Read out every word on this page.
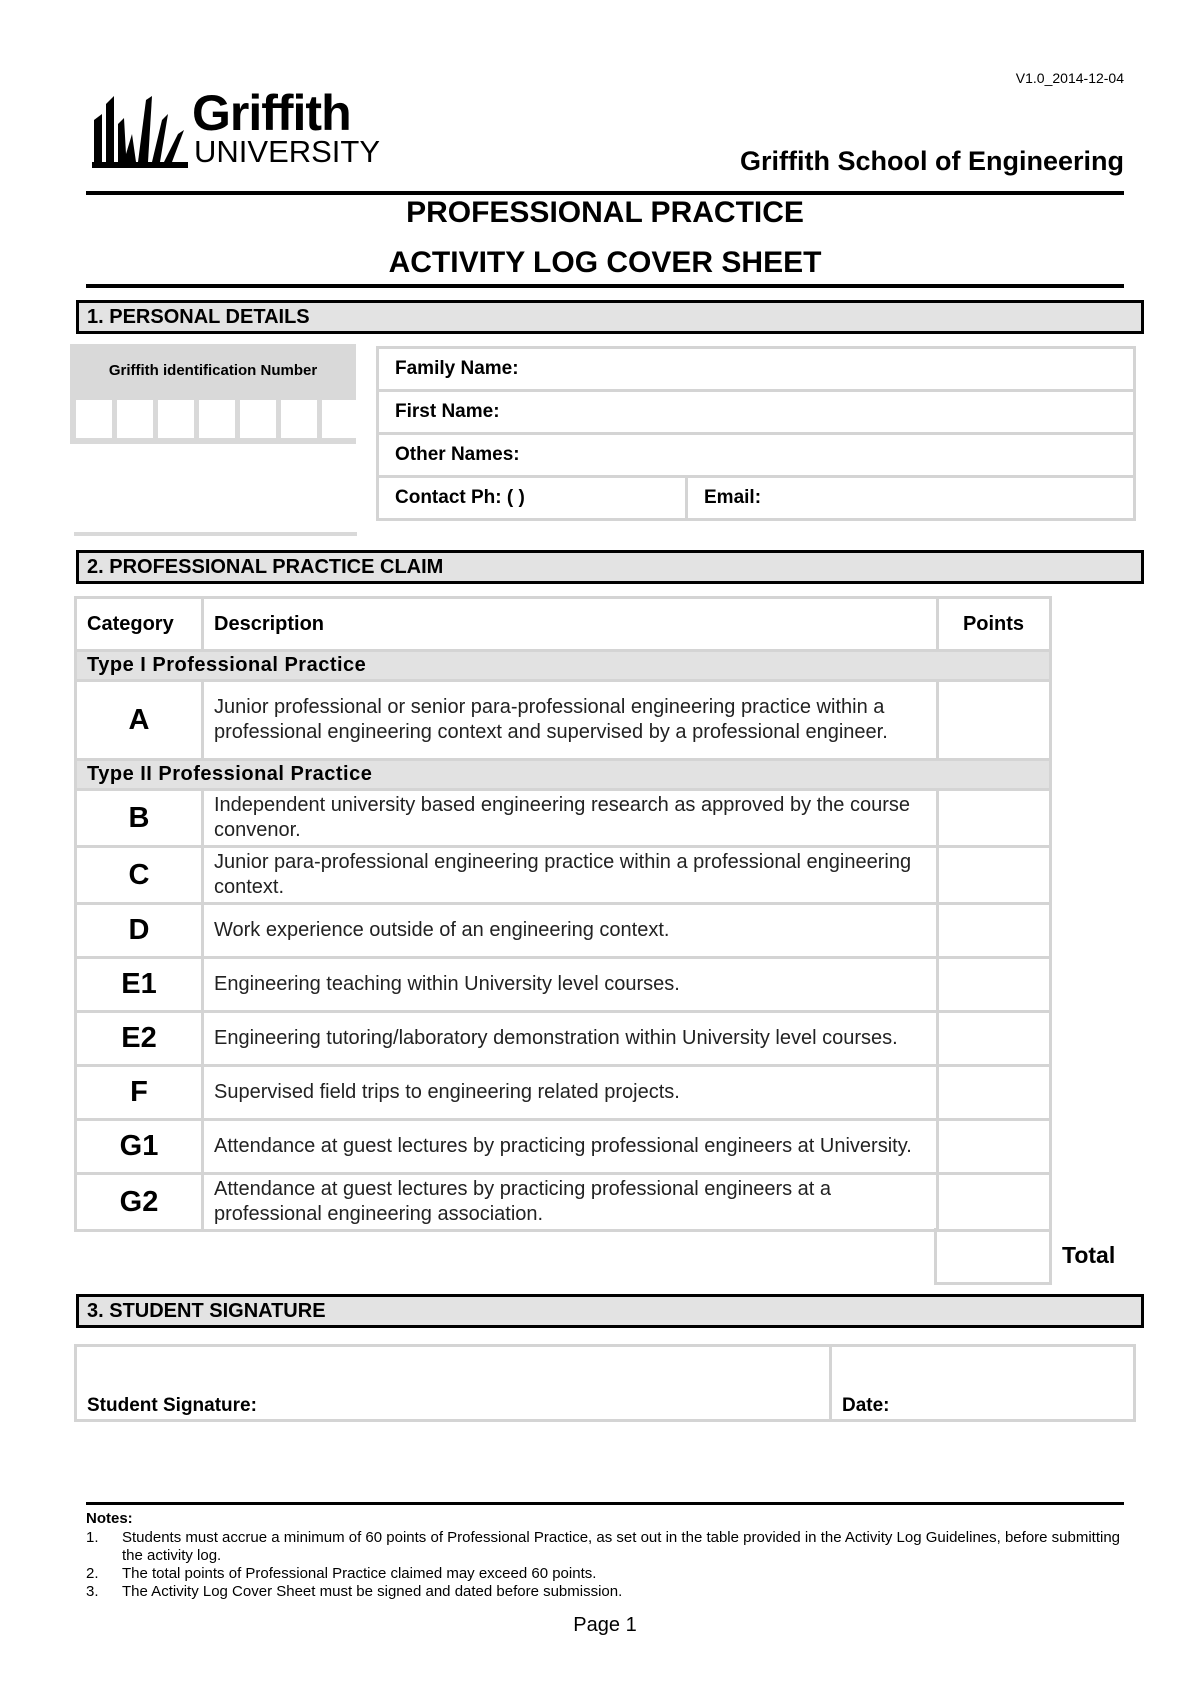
V1.0_2014-12-04
Griffith
UNIVERSITY	Griffith School of Engineering
PROFESSIONAL PRACTICE
ACTIVITY LOG COVER SHEET
1. PERSONAL DETAILS
Griffith identification Number	Family Name:
First Name:
Other Names:
Contact Ph: ( )	Email:
2. PROFESSIONAL PRACTICE CLAIM
Category	Description	Points
Type I Professional Practice		
A	Junior professional or senior para-professional engineering practice within a professional engineering context and supervised by a professional engineer.	
Type II Professional Practice		
B	Independent university based engineering research as approved by the course convenor.	
C	Junior para-professional engineering practice within a professional engineering context.	
D	Work experience outside of an engineering context.	
E1	Engineering teaching within University level courses.	
E2	Engineering tutoring/laboratory demonstration within University level courses.	
F	Supervised field trips to engineering related projects.	
G1	Attendance at guest lectures by practicing professional engineers at University.	
G2	Attendance at guest lectures by practicing professional engineers at a professional engineering association.	
Total
3. STUDENT SIGNATURE
Student Signature:	Date:
Notes:
1.	Students must accrue a minimum of 60 points of Professional Practice, as set out in the table provided in the Activity Log Guidelines, before submitting the activity log.
2.	The total points of Professional Practice claimed may exceed 60 points.
3.	The Activity Log Cover Sheet must be signed and dated before submission.
Page 1
